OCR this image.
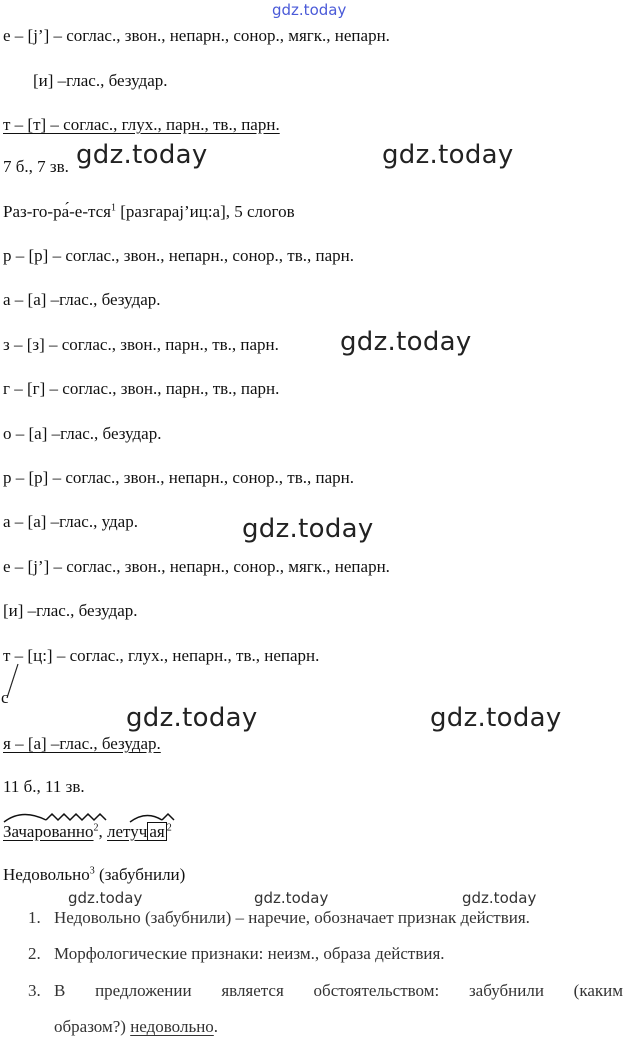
gdz.today
е – [j’] – соглас., звон., непарн., сонор., мягк., непарн.
[и] –глас., безудар.
т – [т] – соглас., глух., парн., тв., парн.
7 б., 7 зв.
Раз-го-ра́-е-тся$^1$ [разгарај’иц:а], 5 слогов
р – [р] – соглас., звон., непарн., сонор., тв., парн.
а – [а] –глас., безудар.
з – [з] – соглас., звон., парн., тв., парн.
г – [г] – соглас., звон., парн., тв., парн.
о – [а] –глас., безудар.
р – [р] – соглас., звон., непарн., сонор., тв., парн.
а – [а] –глас., удар.
е – [j’] – соглас., звон., непарн., сонор., мягк., непарн.
[и] –глас., безудар.
т – [ц:] – соглас., глух., непарн., тв., непарн.
с
я – [а] –глас., безудар.
11 б., 11 зв.
Зачарованно$^2$, летуч ая $^2$
Недовольно$^3$ (забубнили)
1. Недовольно (забубнили) – наречие, обозначает признак действия.
2. Морфологические признаки: неизм., образа действия.
3. В предложении является обстоятельством: забубнили (каким
образом?) недовольно.
gdz.today	gdz.today
gdz.today
gdz.today
gdz.today	gdz.today
gdz.today	gdz.today	gdz.today
